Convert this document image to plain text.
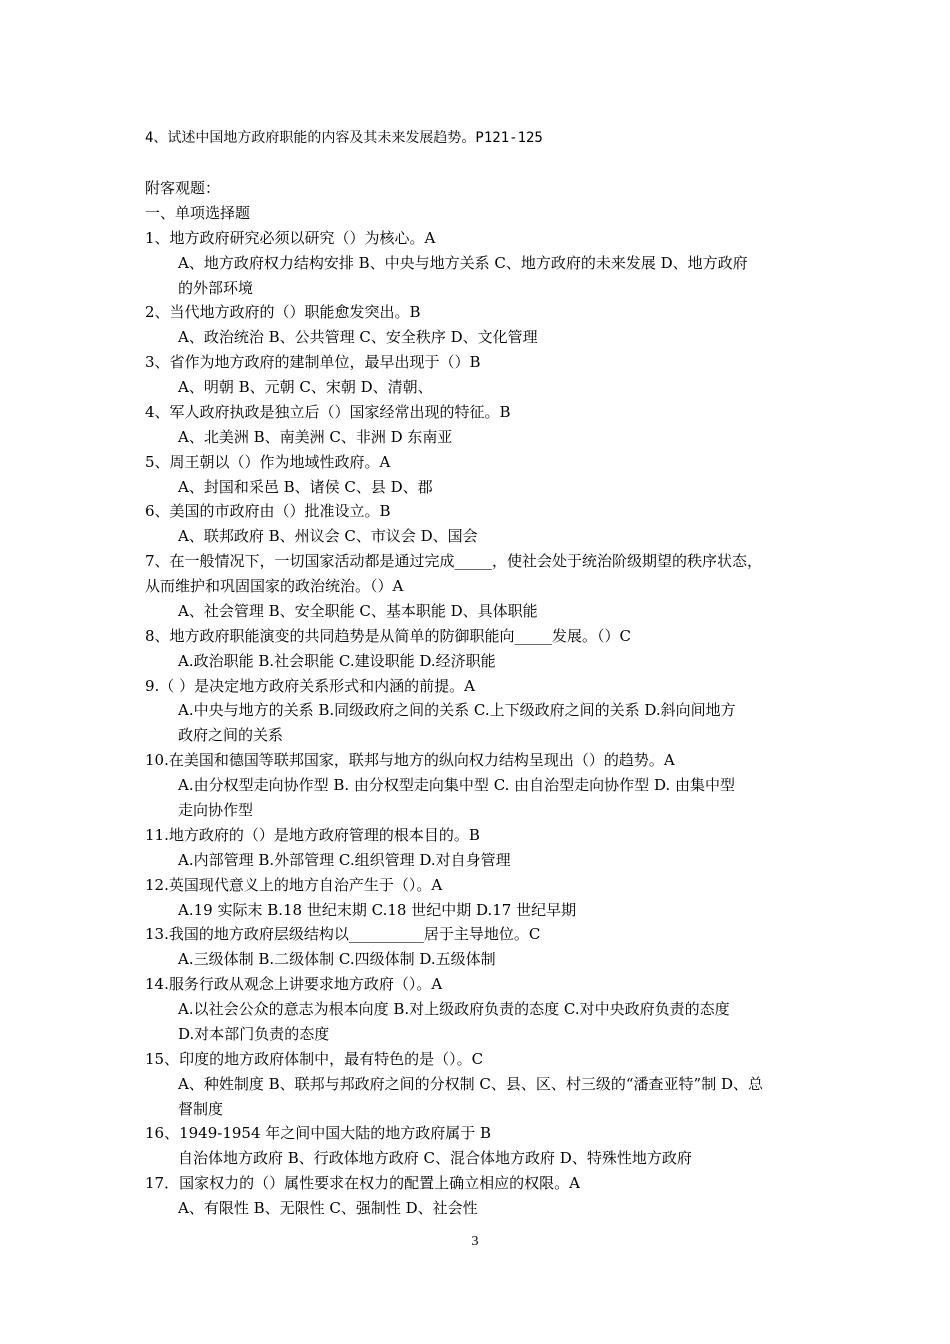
4、试述中国地方政府职能的内容及其未来发展趋势。P121-125
附客观题：
一、单项选择题
1、地方政府研究必须以研究（）为核心。A
A、地方政府权力结构安排 B、中央与地方关系 C、地方政府的未来发展 D、地方政府
的外部环境
2、当代地方政府的（）职能愈发突出。B
A、政治统治 B、公共管理 C、安全秩序 D、文化管理
3、省作为地方政府的建制单位，最早出现于（）B
A、明朝 B、元朝 C、宋朝 D、清朝、
4、军人政府执政是独立后（）国家经常出现的特征。B
A、北美洲 B、南美洲 C、非洲 D 东南亚
5、周王朝以（）作为地域性政府。A
A、封国和采邑 B、诸侯 C、县 D、郡
6、美国的市政府由（）批准设立。B
A、联邦政府 B、州议会 C、市议会 D、国会
7、在一般情况下，一切国家活动都是通过完成_____，使社会处于统治阶级期望的秩序状态，
从而维护和巩固国家的政治统治。（）A
A、社会管理 B、安全职能 C、基本职能 D、具体职能
8、地方政府职能演变的共同趋势是从简单的防御职能向_____发展。（）C
A.政治职能 B.社会职能 C.建设职能 D.经济职能
9.（ ）是决定地方政府关系形式和内涵的前提。A
A.中央与地方的关系 B.同级政府之间的关系 C.上下级政府之间的关系 D.斜向间地方
政府之间的关系
10.在美国和德国等联邦国家，联邦与地方的纵向权力结构呈现出（）的趋势。A
A.由分权型走向协作型 B. 由分权型走向集中型 C. 由自治型走向协作型 D. 由集中型
走向协作型
11.地方政府的（）是地方政府管理的根本目的。B
A.内部管理 B.外部管理 C.组织管理 D.对自身管理
12.英国现代意义上的地方自治产生于（）。A
A.19 实际末 B.18 世纪末期 C.18 世纪中期 D.17 世纪早期
13.我国的地方政府层级结构以__________居于主导地位。C
A.三级体制 B.二级体制 C.四级体制 D.五级体制
14.服务行政从观念上讲要求地方政府（）。A
A.以社会公众的意志为根本向度 B.对上级政府负责的态度 C.对中央政府负责的态度
D.对本部门负责的态度
15、印度的地方政府体制中，最有特色的是（）。C
A、种姓制度 B、联邦与邦政府之间的分权制 C、县、区、村三级的“潘查亚特”制 D、总
督制度
16、1949-1954 年之间中国大陆的地方政府属于 B
自治体地方政府 B、行政体地方政府 C、混合体地方政府 D、特殊性地方政府
17．国家权力的（）属性要求在权力的配置上确立相应的权限。A
A、有限性 B、无限性 C、强制性 D、社会性
3
